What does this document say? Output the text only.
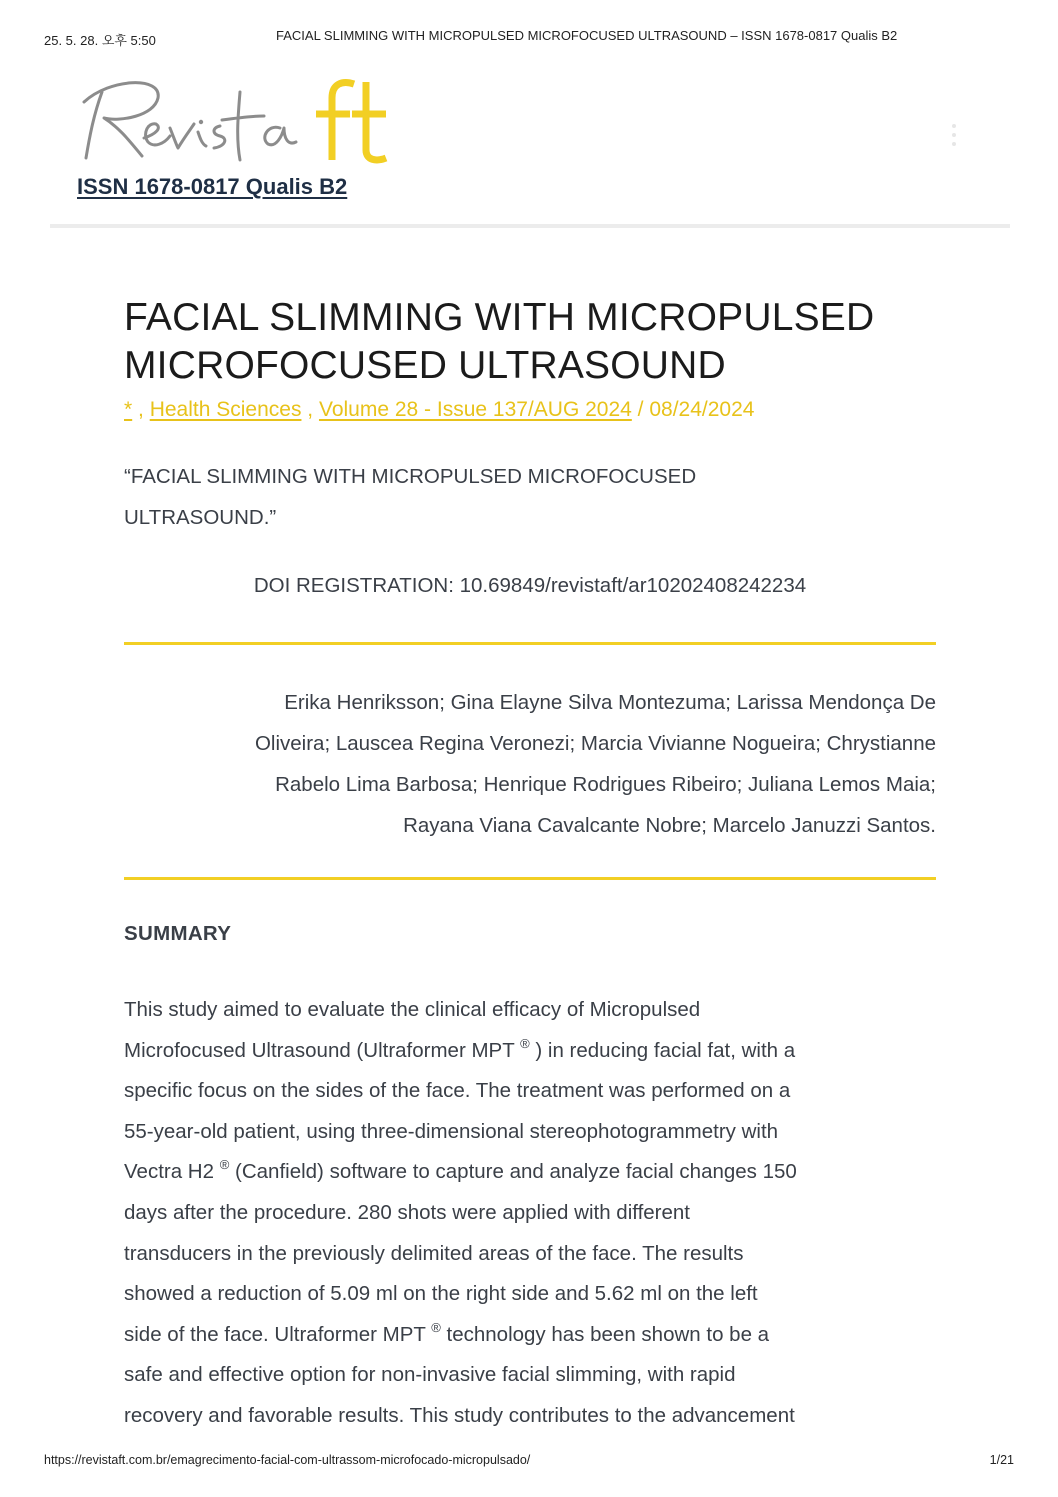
25. 5. 28. 오후 5:50	FACIAL SLIMMING WITH MICROPULSED MICROFOCUSED ULTRASOUND – ISSN 1678-0817 Qualis B2
ISSN 1678-0817 Qualis B2
FACIAL SLIMMING WITH MICROPULSED
MICROFOCUSED ULTRASOUND
* , Health Sciences , Volume 28 - Issue 137/AUG 2024 / 08/24/2024
“FACIAL SLIMMING WITH MICROPULSED MICROFOCUSED
ULTRASOUND.”
DOI REGISTRATION: 10.69849/revistaft/ar10202408242234
Erika Henriksson; Gina Elayne Silva Montezuma; Larissa Mendonça De
Oliveira; Lauscea Regina Veronezi; Marcia Vivianne Nogueira; Chrystianne
Rabelo Lima Barbosa; Henrique Rodrigues Ribeiro; Juliana Lemos Maia;
Rayana Viana Cavalcante Nobre; Marcelo Januzzi Santos.
SUMMARY
This study aimed to evaluate the clinical efficacy of Micropulsed
Microfocused Ultrasound (Ultraformer MPT ® ) in reducing facial fat, with a
specific focus on the sides of the face. The treatment was performed on a
55-year-old patient, using three-dimensional stereophotogrammetry with
Vectra H2 ® (Canfield) software to capture and analyze facial changes 150
days after the procedure. 280 shots were applied with different
transducers in the previously delimited areas of the face. The results
showed a reduction of 5.09 ml on the right side and 5.62 ml on the left
side of the face. Ultraformer MPT ® technology has been shown to be a
safe and effective option for non-invasive facial slimming, with rapid
recovery and favorable results. This study contributes to the advancement
https://revistaft.com.br/emagrecimento-facial-com-ultrassom-microfocado-micropulsado/	1/21
